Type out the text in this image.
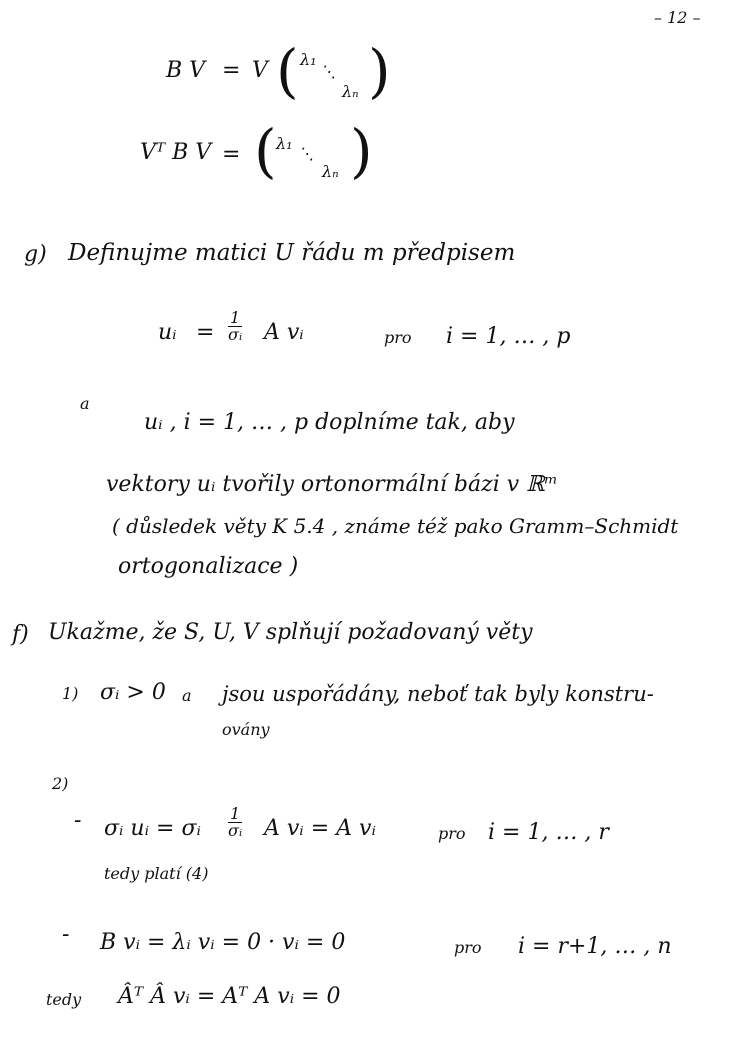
– 12 –
B V = V ( λ₁
⋱
λₙ )
Vᵀ B V = ( λ₁
⋱
λₙ )
g) Definujme matici U řádu m předpisem
uᵢ = $\frac{1}{\text{σᵢ}}$ A vᵢ	pro i = 1, … , p
a
uᵢ , i = 1, … , p doplníme tak, aby
vektory uᵢ tvořily ortonormální bázi v ℝᵐ
( důsledek věty K 5.4 , známe též pako Gramm–Schmidt
ortogonalizace )
f) Ukažme, že S, U, V splňují požadovaný věty
1) σᵢ > 0 a jsou uspořádány, neboť tak byly konstru-
ovány
2)
- σᵢ uᵢ = σᵢ $\frac{1}{\text{σᵢ}}$ A vᵢ = A vᵢ	pro i = 1, … , r
tedy platí (4)
- B vᵢ = λᵢ vᵢ = 0 · vᵢ = 0	pro i = r+1, … , n
tedy Âᵀ Â vᵢ = Aᵀ A vᵢ = 0
